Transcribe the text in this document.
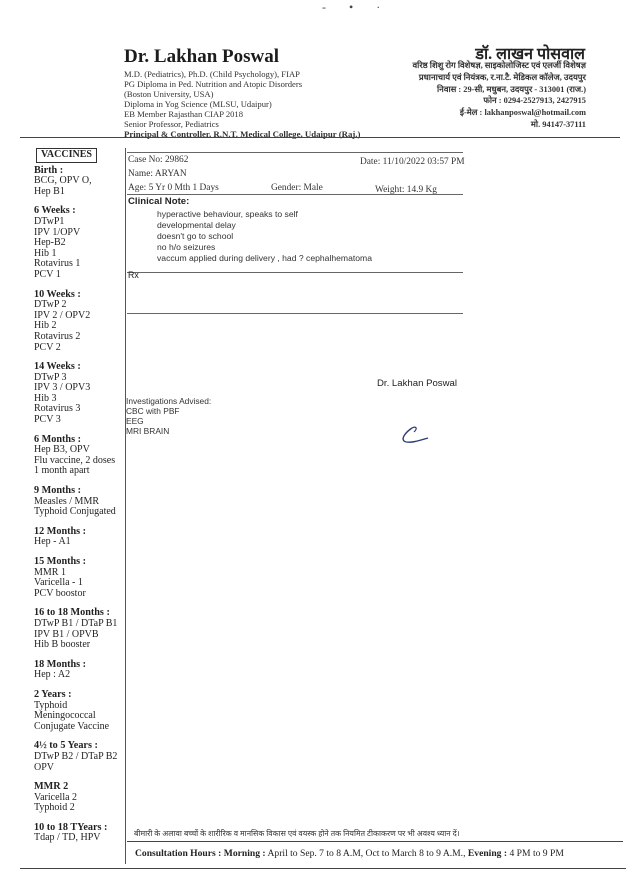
- • ·
Dr. Lakhan Poswal
M.D. (Pediatrics), Ph.D. (Child Psychology), FIAP
PG Diploma in Ped. Nutrition and Atopic Disorders
(Boston University, USA)
Diploma in Yog Science (MLSU, Udaipur)
EB Member Rajasthan CIAP 2018
Senior Professor, Pediatrics
Principal & Controller, R.N.T. Medical College, Udaipur (Raj.)
डॉ. लाखन पोसवाल
वरिष्ठ शिशु रोग विशेषज्ञ, साइकोलोजिस्ट एवं एलर्जी विशेषज्ञ
प्रधानाचार्य एवं नियंत्रक, र.ना.टै. मेडिकल कॉलेज, उदयपुर
निवास : 29-सी, मधुबन, उदयपुर - 313001 (राज.)
फोन : 0294-2527913, 2427915
ई-मेल : lakhanposwal@hotmail.com
मो. 94147-37111
VACCINES
Birth :
BCG, OPV O,
Hep B1
6 Weeks :
DTwP1
IPV 1/OPV
Hep-B2
Hib 1
Rotavirus 1
PCV 1
10 Weeks :
DTwP 2
IPV 2 / OPV2
Hib 2
Rotavirus 2
PCV 2
14 Weeks :
DTwP 3
IPV 3 / OPV3
Hib 3
Rotavirus 3
PCV 3
6 Months :
Hep B3, OPV
Flu vaccine, 2 doses
1 month apart
9 Months :
Measles / MMR
Typhoid Conjugated
12 Months :
Hep - A1
15 Months :
MMR 1
Varicella - 1
PCV boostor
16 to 18 Months :
DTwP B1 / DTaP B1
IPV B1 / OPVB
Hib B booster
18 Months :
Hep : A2
2 Years :
Typhoid
Meningococcal
Conjugate Vaccine
4½ to 5 Years :
DTwP B2 / DTaP B2
OPV
MMR 2
Varicella 2
Typhoid 2
10 to 18 TYears :
Tdap / TD, HPV
Case No: 29862	Date: 11/10/2022 03:57 PM
Name: ARYAN
Age: 5 Yr 0 Mth 1 Days	Gender: Male	Weight: 14.9 Kg
Clinical Note:
hyperactive behaviour, speaks to self
developmental delay
doesn't go to school
no h/o seizures
vaccum applied during delivery , had ? cephalhematoma
Rx
Dr. Lakhan Poswal
Investigations Advised:
CBC with PBF
EEG
MRI BRAIN
बीमारी के अलावा बच्चों के शारीरिक व मानसिक विकास एवं वयस्क होने तक नियमित टीकाकरण पर भी अवश्य ध्यान दें।
Consultation Hours : Morning : April to Sep. 7 to 8 A.M, Oct to March 8 to 9 A.M., Evening : 4 PM to 9 PM
